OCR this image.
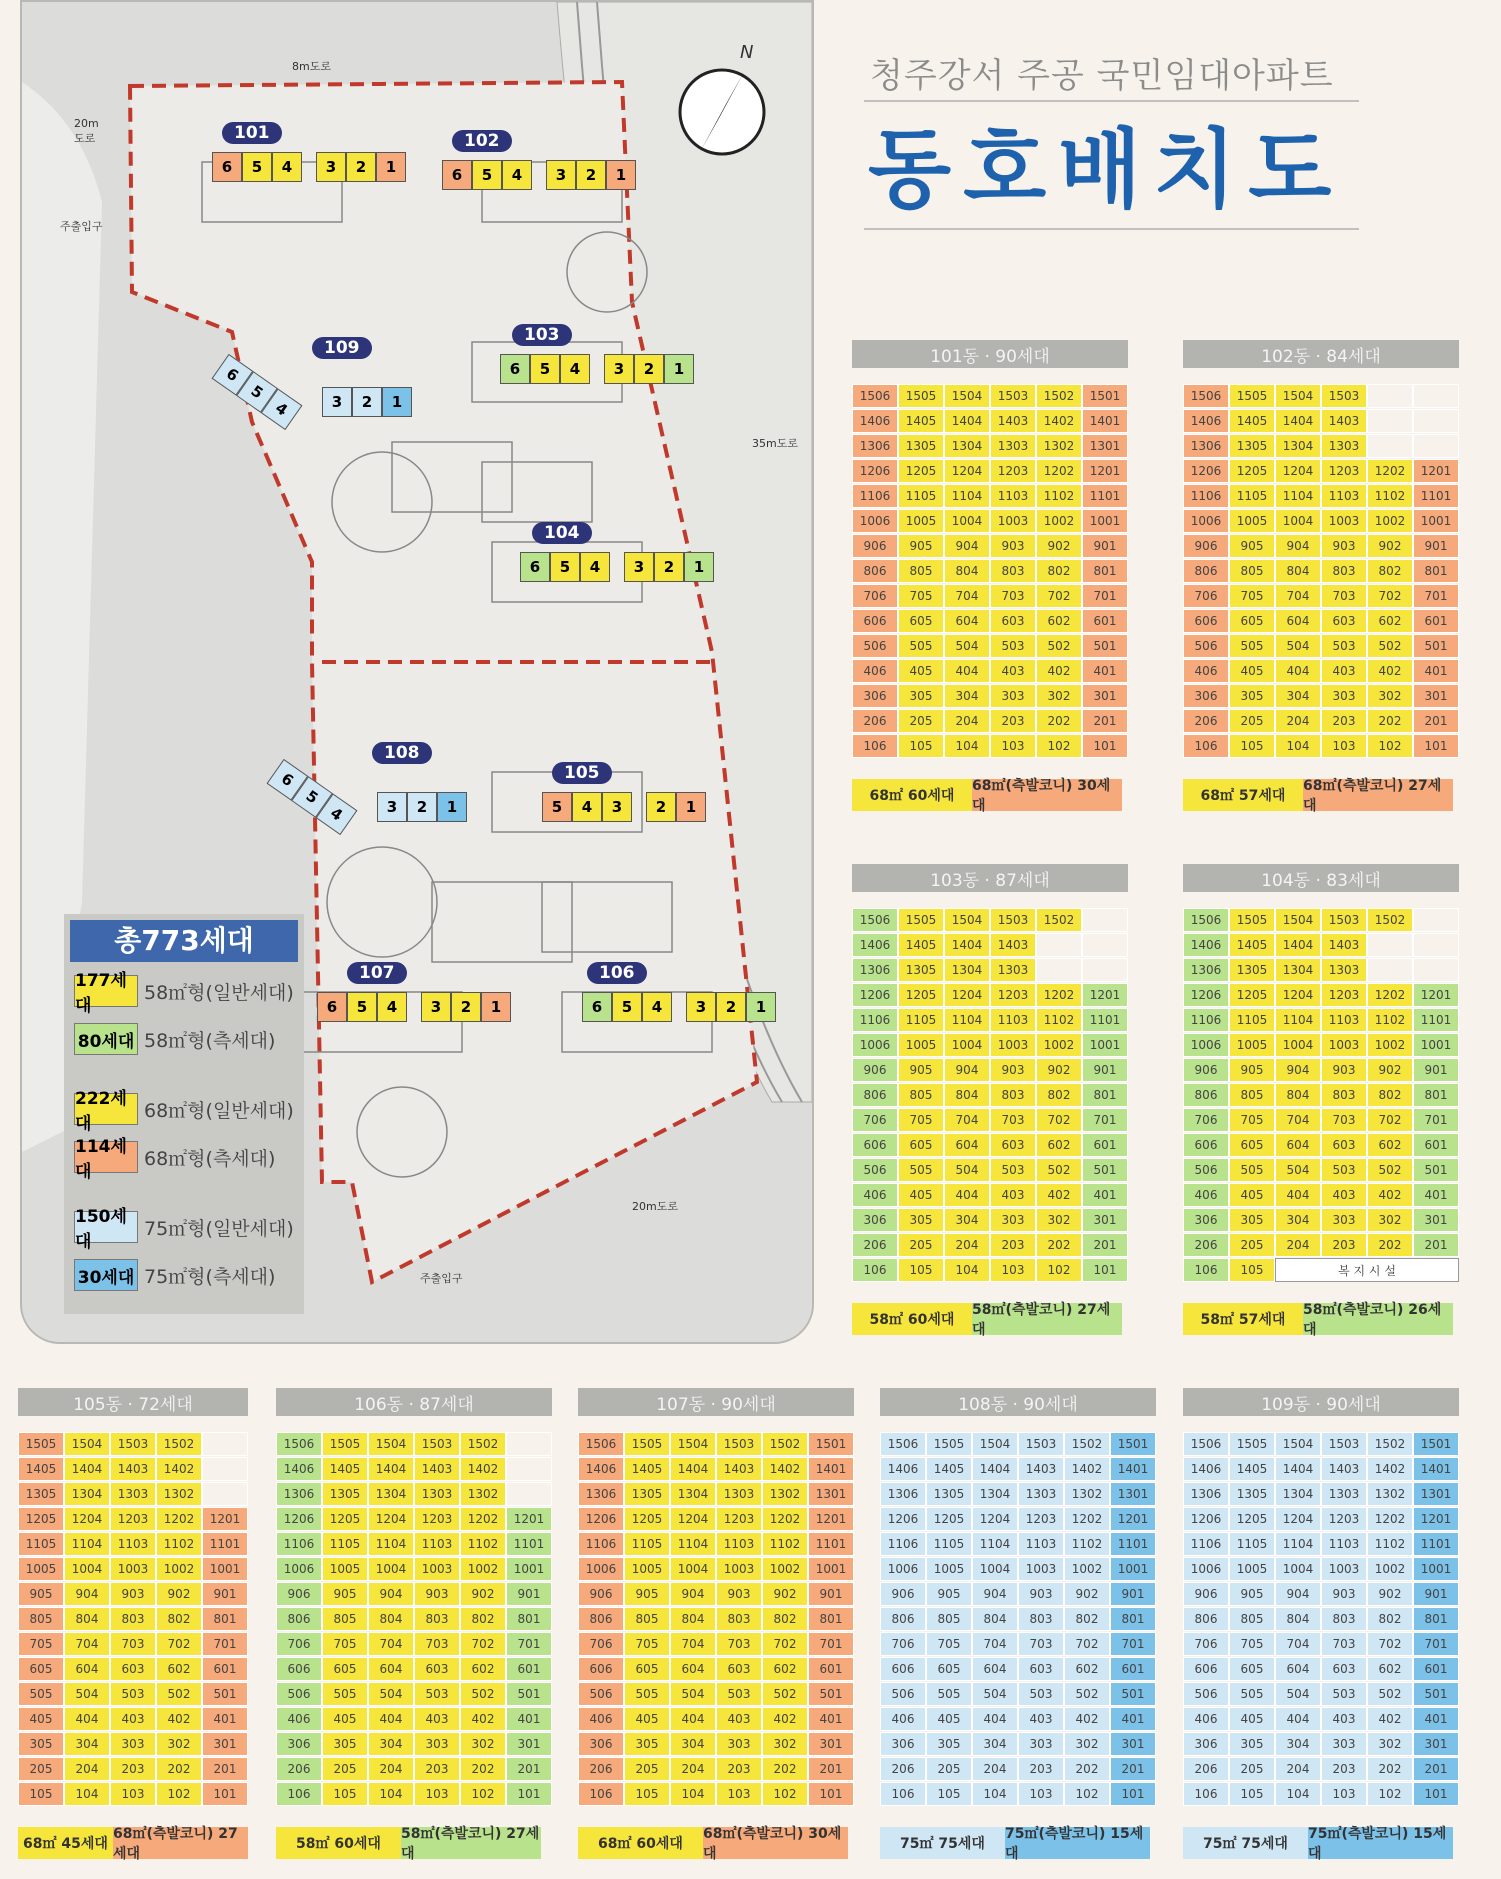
8m도로
20m
도로
35m도로
20m도로
주출입구
주출입구
N
101
6	5	4	3	2	1
102
6	5	4	3	2	1
103
6	5	4	3	2	1
104
6	5	4	3	2	1
105
5	4	3	2	1
106
6	5	4	3	2	1
107
6	5	4	3	2	1
108
6
5
4	3	2	1
109
6
5
4	3	2	1
총773세대
177세대
58㎡형(일반세대)
80세대 58㎡형(측세대)
222세대
68㎡형(일반세대)
114세대
68㎡형(측세대)
150세대
75㎡형(일반세대)
30세대 75㎡형(측세대)
청주강서 주공 국민임대아파트
동호배치도
101동 · 90세대
1506	1505	1504	1503	1502	1501
1406	1405	1404	1403	1402	1401
1306	1305	1304	1303	1302	1301
1206	1205	1204	1203	1202	1201
1106	1105	1104	1103	1102	1101
1006	1005	1004	1003	1002	1001
906	905	904	903	902	901
806	805	804	803	802	801
706	705	704	703	702	701
606	605	604	603	602	601
506	505	504	503	502	501
406	405	404	403	402	401
306	305	304	303	302	301
206	205	204	203	202	201
106	105	104	103	102	101
68㎡ 60세대
68㎡(측발코니) 30세대
102동 · 84세대
1506	1505	1504	1503
1406	1405	1404	1403
1306	1305	1304	1303
1206	1205	1204	1203	1202	1201
1106	1105	1104	1103	1102	1101
1006	1005	1004	1003	1002	1001
906	905	904	903	902	901
806	805	804	803	802	801
706	705	704	703	702	701
606	605	604	603	602	601
506	505	504	503	502	501
406	405	404	403	402	401
306	305	304	303	302	301
206	205	204	203	202	201
106	105	104	103	102	101
68㎡ 57세대
68㎡(측발코니) 27세대
103동 · 87세대
1506	1505	1504	1503	1502
1406	1405	1404	1403
1306	1305	1304	1303
1206	1205	1204	1203	1202	1201
1106	1105	1104	1103	1102	1101
1006	1005	1004	1003	1002	1001
906	905	904	903	902	901
806	805	804	803	802	801
706	705	704	703	702	701
606	605	604	603	602	601
506	505	504	503	502	501
406	405	404	403	402	401
306	305	304	303	302	301
206	205	204	203	202	201
106	105	104	103	102	101
58㎡ 60세대
58㎡(측발코니) 27세대
104동 · 83세대
1506	1505	1504	1503	1502
1406	1405	1404	1403
1306	1305	1304	1303
1206	1205	1204	1203	1202	1201
1106	1105	1104	1103	1102	1101
1006	1005	1004	1003	1002	1001
906	905	904	903	902	901
806	805	804	803	802	801
706	705	704	703	702	701
606	605	604	603	602	601
506	505	504	503	502	501
406	405	404	403	402	401
306	305	304	303	302	301
206	205	204	203	202	201
106	105	복 지 시 설
58㎡ 57세대
58㎡(측발코니) 26세대
105동 · 72세대
1505	1504	1503	1502
1405	1404	1403	1402
1305	1304	1303	1302
1205	1204	1203	1202	1201
1105	1104	1103	1102	1101
1005	1004	1003	1002	1001
905	904	903	902	901
805	804	803	802	801
705	704	703	702	701
605	604	603	602	601
505	504	503	502	501
405	404	403	402	401
305	304	303	302	301
205	204	203	202	201
105	104	103	102	101
68㎡ 45세대
68㎡(측발코니) 27세대
106동 · 87세대
1506	1505	1504	1503	1502
1406	1405	1404	1403	1402
1306	1305	1304	1303	1302
1206	1205	1204	1203	1202	1201
1106	1105	1104	1103	1102	1101
1006	1005	1004	1003	1002	1001
906	905	904	903	902	901
806	805	804	803	802	801
706	705	704	703	702	701
606	605	604	603	602	601
506	505	504	503	502	501
406	405	404	403	402	401
306	305	304	303	302	301
206	205	204	203	202	201
106	105	104	103	102	101
58㎡ 60세대
58㎡(측발코니) 27세대
107동 · 90세대
1506	1505	1504	1503	1502	1501
1406	1405	1404	1403	1402	1401
1306	1305	1304	1303	1302	1301
1206	1205	1204	1203	1202	1201
1106	1105	1104	1103	1102	1101
1006	1005	1004	1003	1002	1001
906	905	904	903	902	901
806	805	804	803	802	801
706	705	704	703	702	701
606	605	604	603	602	601
506	505	504	503	502	501
406	405	404	403	402	401
306	305	304	303	302	301
206	205	204	203	202	201
106	105	104	103	102	101
68㎡ 60세대
68㎡(측발코니) 30세대
108동 · 90세대
1506	1505	1504	1503	1502	1501
1406	1405	1404	1403	1402	1401
1306	1305	1304	1303	1302	1301
1206	1205	1204	1203	1202	1201
1106	1105	1104	1103	1102	1101
1006	1005	1004	1003	1002	1001
906	905	904	903	902	901
806	805	804	803	802	801
706	705	704	703	702	701
606	605	604	603	602	601
506	505	504	503	502	501
406	405	404	403	402	401
306	305	304	303	302	301
206	205	204	203	202	201
106	105	104	103	102	101
75㎡ 75세대
75㎡(측발코니) 15세대
109동 · 90세대
1506	1505	1504	1503	1502	1501
1406	1405	1404	1403	1402	1401
1306	1305	1304	1303	1302	1301
1206	1205	1204	1203	1202	1201
1106	1105	1104	1103	1102	1101
1006	1005	1004	1003	1002	1001
906	905	904	903	902	901
806	805	804	803	802	801
706	705	704	703	702	701
606	605	604	603	602	601
506	505	504	503	502	501
406	405	404	403	402	401
306	305	304	303	302	301
206	205	204	203	202	201
106	105	104	103	102	101
75㎡ 75세대
75㎡(측발코니) 15세대
